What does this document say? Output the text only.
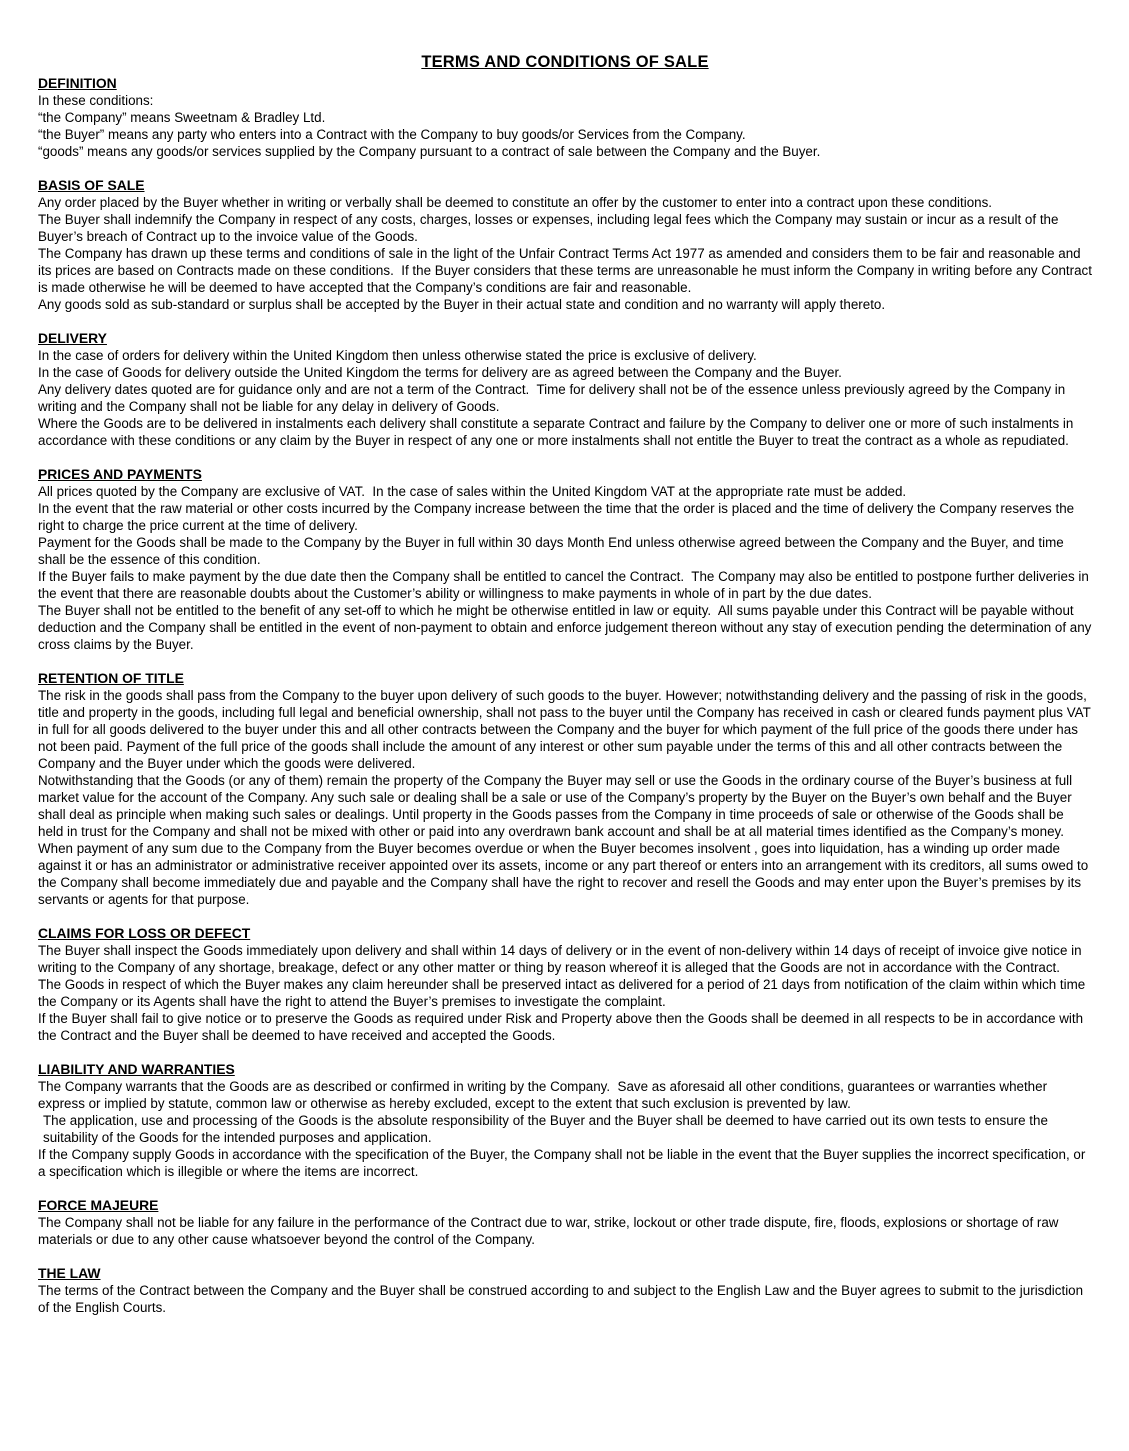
TERMS AND CONDITIONS OF SALE
DEFINITION

In these conditions:

“the Company” means Sweetnam & Bradley Ltd.

“the Buyer” means any party who enters into a Contract with the Company to buy goods/or Services from the Company.

“goods” means any goods/or services supplied by the Company pursuant to a contract of sale between the Company and the Buyer.

BASIS OF SALE

Any order placed by the Buyer whether in writing or verbally shall be deemed to constitute an offer by the customer to enter into a contract upon these conditions.

The Buyer shall indemnify the Company in respect of any costs, charges, losses or expenses, including legal fees which the Company may sustain or incur as a result of the Buyer’s breach of Contract up to the invoice value of the Goods.

The Company has drawn up these terms and conditions of sale in the light of the Unfair Contract Terms Act 1977 as amended and considers them to be fair and reasonable and its prices are based on Contracts made on these conditions.  If the Buyer considers that these terms are unreasonable he must inform the Company in writing before any Contract is made otherwise he will be deemed to have accepted that the Company’s conditions are fair and reasonable.

Any goods sold as sub-standard or surplus shall be accepted by the Buyer in their actual state and condition and no warranty will apply thereto.

DELIVERY

In the case of orders for delivery within the United Kingdom then unless otherwise stated the price is exclusive of delivery.

In the case of Goods for delivery outside the United Kingdom the terms for delivery are as agreed between the Company and the Buyer.

Any delivery dates quoted are for guidance only and are not a term of the Contract.  Time for delivery shall not be of the essence unless previously agreed by the Company in writing and the Company shall not be liable for any delay in delivery of Goods.

Where the Goods are to be delivered in instalments each delivery shall constitute a separate Contract and failure by the Company to deliver one or more of such instalments in accordance with these conditions or any claim by the Buyer in respect of any one or more instalments shall not entitle the Buyer to treat the contract as a whole as repudiated.

PRICES AND PAYMENTS

All prices quoted by the Company are exclusive of VAT.  In the case of sales within the United Kingdom VAT at the appropriate rate must be added.

In the event that the raw material or other costs incurred by the Company increase between the time that the order is placed and the time of delivery the Company reserves the right to charge the price current at the time of delivery.

Payment for the Goods shall be made to the Company by the Buyer in full within 30 days Month End unless otherwise agreed between the Company and the Buyer, and time shall be the essence of this condition.

If the Buyer fails to make payment by the due date then the Company shall be entitled to cancel the Contract.  The Company may also be entitled to postpone further deliveries in the event that there are reasonable doubts about the Customer’s ability or willingness to make payments in whole of in part by the due dates.

The Buyer shall not be entitled to the benefit of any set-off to which he might be otherwise entitled in law or equity.  All sums payable under this Contract will be payable without deduction and the Company shall be entitled in the event of non-payment to obtain and enforce judgement thereon without any stay of execution pending the determination of any cross claims by the Buyer.

RETENTION OF TITLE

The risk in the goods shall pass from the Company to the buyer upon delivery of such goods to the buyer. However; notwithstanding delivery and the passing of risk in the goods, title and property in the goods, including full legal and beneficial ownership, shall not pass to the buyer until the Company has received in cash or cleared funds payment plus VAT in full for all goods delivered to the buyer under this and all other contracts between the Company and the buyer for which payment of the full price of the goods there under has not been paid. Payment of the full price of the goods shall include the amount of any interest or other sum payable under the terms of this and all other contracts between the Company and the Buyer under which the goods were delivered.

Notwithstanding that the Goods (or any of them) remain the property of the Company the Buyer may sell or use the Goods in the ordinary course of the Buyer’s business at full market value for the account of the Company. Any such sale or dealing shall be a sale or use of the Company’s property by the Buyer on the Buyer’s own behalf and the Buyer shall deal as principle when making such sales or dealings. Until property in the Goods passes from the Company in time proceeds of sale or otherwise of the Goods shall be held in trust for the Company and shall not be mixed with other or paid into any overdrawn bank account and shall be at all material times identified as the Company’s money.

When payment of any sum due to the Company from the Buyer becomes overdue or when the Buyer becomes insolvent , goes into liquidation, has a winding up order made against it or has an administrator or administrative receiver appointed over its assets, income or any part thereof or enters into an arrangement with its creditors, all sums owed to the Company shall become immediately due and payable and the Company shall have the right to recover and resell the Goods and may enter upon the Buyer’s premises by its  servants or agents for that purpose.

CLAIMS FOR LOSS OR DEFECT

The Buyer shall inspect the Goods immediately upon delivery and shall within 14 days of delivery or in the event of non-delivery within 14 days of receipt of invoice give notice in writing to the Company of any shortage, breakage, defect or any other matter or thing by reason whereof it is alleged that the Goods are not in accordance with the Contract.

The Goods in respect of which the Buyer makes any claim hereunder shall be preserved intact as delivered for a period of 21 days from notification of the claim within which time the Company or its Agents shall have the right to attend the Buyer’s premises to investigate the complaint.

If the Buyer shall fail to give notice or to preserve the Goods as required under Risk and Property above then the Goods shall be deemed in all respects to be in accordance with the Contract and the Buyer shall be deemed to have received and accepted the Goods.

LIABILITY AND WARRANTIES

The Company warrants that the Goods are as described or confirmed in writing by the Company.  Save as aforesaid all other conditions, guarantees or warranties whether express or implied by statute, common law or otherwise as hereby excluded, except to the extent that such exclusion is prevented by law.

The application, use and processing of the Goods is the absolute responsibility of the Buyer and the Buyer shall be deemed to have carried out its own tests to ensure the suitability of the Goods for the intended purposes and application.

If the Company supply Goods in accordance with the specification of the Buyer, the Company shall not be liable in the event that the Buyer supplies the incorrect specification, or a specification which is illegible or where the items are incorrect.

FORCE MAJEURE

The Company shall not be liable for any failure in the performance of the Contract due to war, strike, lockout or other trade dispute, fire, floods, explosions or shortage of raw materials or due to any other cause whatsoever beyond the control of the Company.

THE LAW

The terms of the Contract between the Company and the Buyer shall be construed according to and subject to the English Law and the Buyer agrees to submit to the jurisdiction of the English Courts.
